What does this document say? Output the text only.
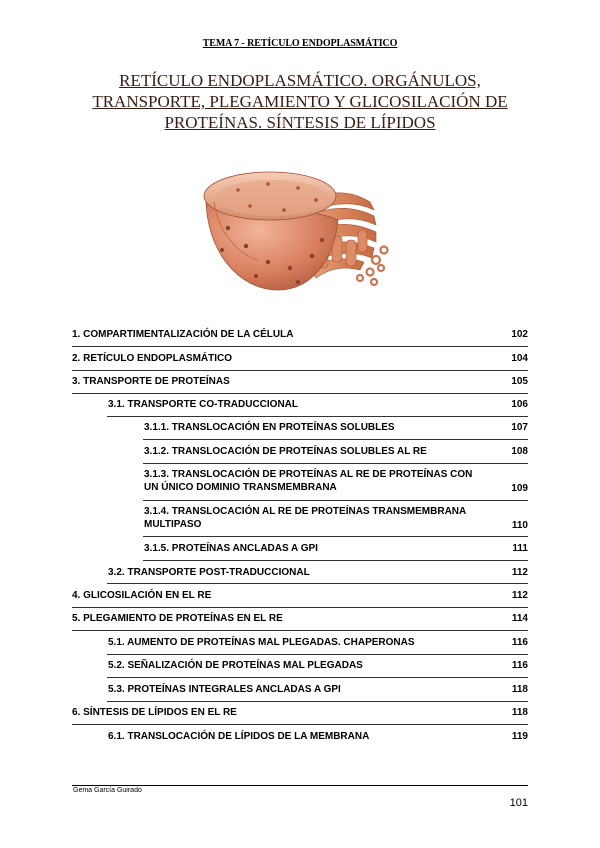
TEMA 7 - RETÍCULO ENDOPLASMÁTICO
RETÍCULO ENDOPLASMÁTICO. ORGÁNULOS,
TRANSPORTE, PLEGAMIENTO Y GLICOSILACIÓN DE
PROTEÍNAS. SÍNTESIS DE LÍPIDOS
1. COMPARTIMENTALIZACIÓN DE LA CÉLULA	102
2. RETÍCULO ENDOPLASMÁTICO	104
3. TRANSPORTE DE PROTEÍNAS	105
3.1. TRANSPORTE CO-TRADUCCIONAL	106
3.1.1. TRANSLOCACIÓN EN PROTEÍNAS SOLUBLES	107
3.1.2. TRANSLOCACIÓN DE PROTEÍNAS SOLUBLES AL RE	108
3.1.3. TRANSLOCACIÓN DE PROTEÍNAS AL RE DE PROTEÍNAS CON
UN ÚNICO DOMINIO TRANSMEMBRANA	109
3.1.4. TRANSLOCACIÓN AL RE DE PROTEÍNAS TRANSMEMBRANA
MULTIPASO	110
3.1.5. PROTEÍNAS ANCLADAS A GPI	111
3.2. TRANSPORTE POST-TRADUCCIONAL	112
4. GLICOSILACIÓN EN EL RE	112
5. PLEGAMIENTO DE PROTEÍNAS EN EL RE	114
5.1. AUMENTO DE PROTEÍNAS MAL PLEGADAS. CHAPERONAS	116
5.2. SEÑALIZACIÓN DE PROTEÍNAS MAL PLEGADAS	116
5.3. PROTEÍNAS INTEGRALES ANCLADAS A GPI	118
6. SÍNTESIS DE LÍPIDOS EN EL RE	118
6.1. TRANSLOCACIÓN DE LÍPIDOS DE LA MEMBRANA	119
Gema García Guirado
101
